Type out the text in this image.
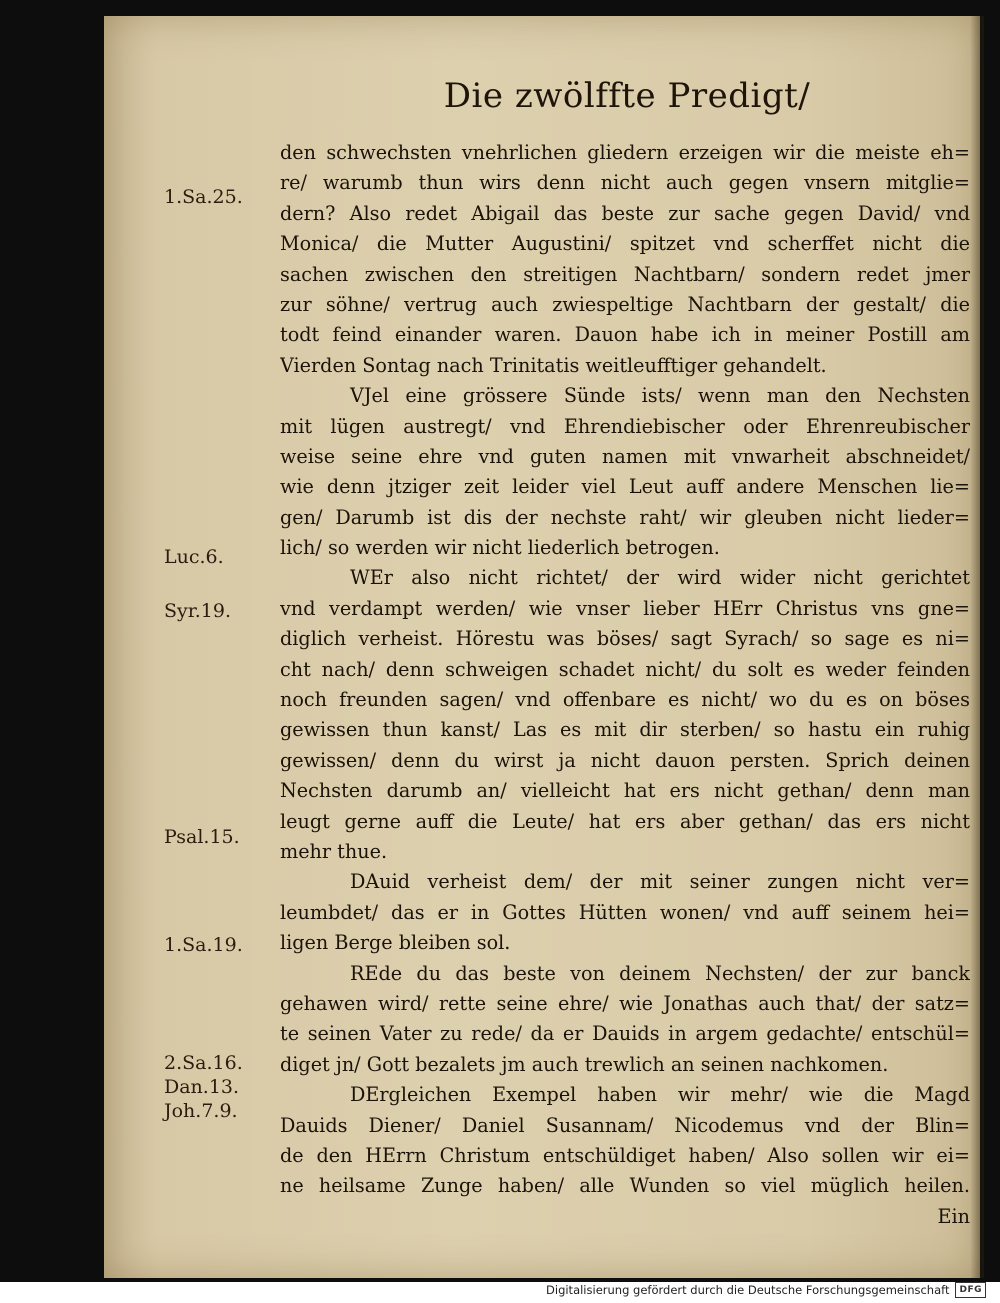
Die zwölffte Predigt/
1.Sa.25.
Luc.6.
Syr.19.
Psal.15.
1.Sa.19.
2.Sa.16.
Dan.13.
Joh.7.9.
den schwechsten vnehrlichen gliedern erzeigen wir die meiste eh=
re/ warumb thun wirs denn nicht auch gegen vnsern mitglie=
dern? Also redet Abigail das beste zur sache gegen David/ vnd
Monica/ die Mutter Augustini/ spitzet vnd scherffet nicht die
sachen zwischen den streitigen Nachtbarn/ sondern redet jmer
zur söhne/ vertrug auch zwiespeltige Nachtbarn der gestalt/ die
todt feind einander waren. Dauon habe ich in meiner Postill am
Vierden Sontag nach Trinitatis weitleufftiger gehandelt.
VJel eine grössere Sünde ists/ wenn man den Nechsten
mit lügen austregt/ vnd Ehrendiebischer oder Ehrenreubischer
weise seine ehre vnd guten namen mit vnwarheit abschneidet/
wie denn jtziger zeit leider viel Leut auff andere Menschen lie=
gen/ Darumb ist dis der nechste raht/ wir gleuben nicht lieder=
lich/ so werden wir nicht liederlich betrogen.
WEr also nicht richtet/ der wird wider nicht gerichtet
vnd verdampt werden/ wie vnser lieber HErr Christus vns gne=
diglich verheist. Hörestu was böses/ sagt Syrach/ so sage es ni=
cht nach/ denn schweigen schadet nicht/ du solt es weder feinden
noch freunden sagen/ vnd offenbare es nicht/ wo du es on böses
gewissen thun kanst/ Las es mit dir sterben/ so hastu ein ruhig
gewissen/ denn du wirst ja nicht dauon persten. Sprich deinen
Nechsten darumb an/ vielleicht hat ers nicht gethan/ denn man
leugt gerne auff die Leute/ hat ers aber gethan/ das ers nicht
mehr thue.
DAuid verheist dem/ der mit seiner zungen nicht ver=
leumbdet/ das er in Gottes Hütten wonen/ vnd auff seinem hei=
ligen Berge bleiben sol.
REde du das beste von deinem Nechsten/ der zur banck
gehawen wird/ rette seine ehre/ wie Jonathas auch that/ der satz=
te seinen Vater zu rede/ da er Dauids in argem gedachte/ entschül=
diget jn/ Gott bezalets jm auch trewlich an seinen nachkomen.
DErgleichen Exempel haben wir mehr/ wie die Magd
Dauids Diener/ Daniel Susannam/ Nicodemus vnd der Blin=
de den HErrn Christum entschüldiget haben/ Also sollen wir ei=
ne heilsame Zunge haben/ alle Wunden so viel müglich heilen.
Ein
Digitalisierung gefördert durch die Deutsche Forschungsgemeinschaft	DFG
